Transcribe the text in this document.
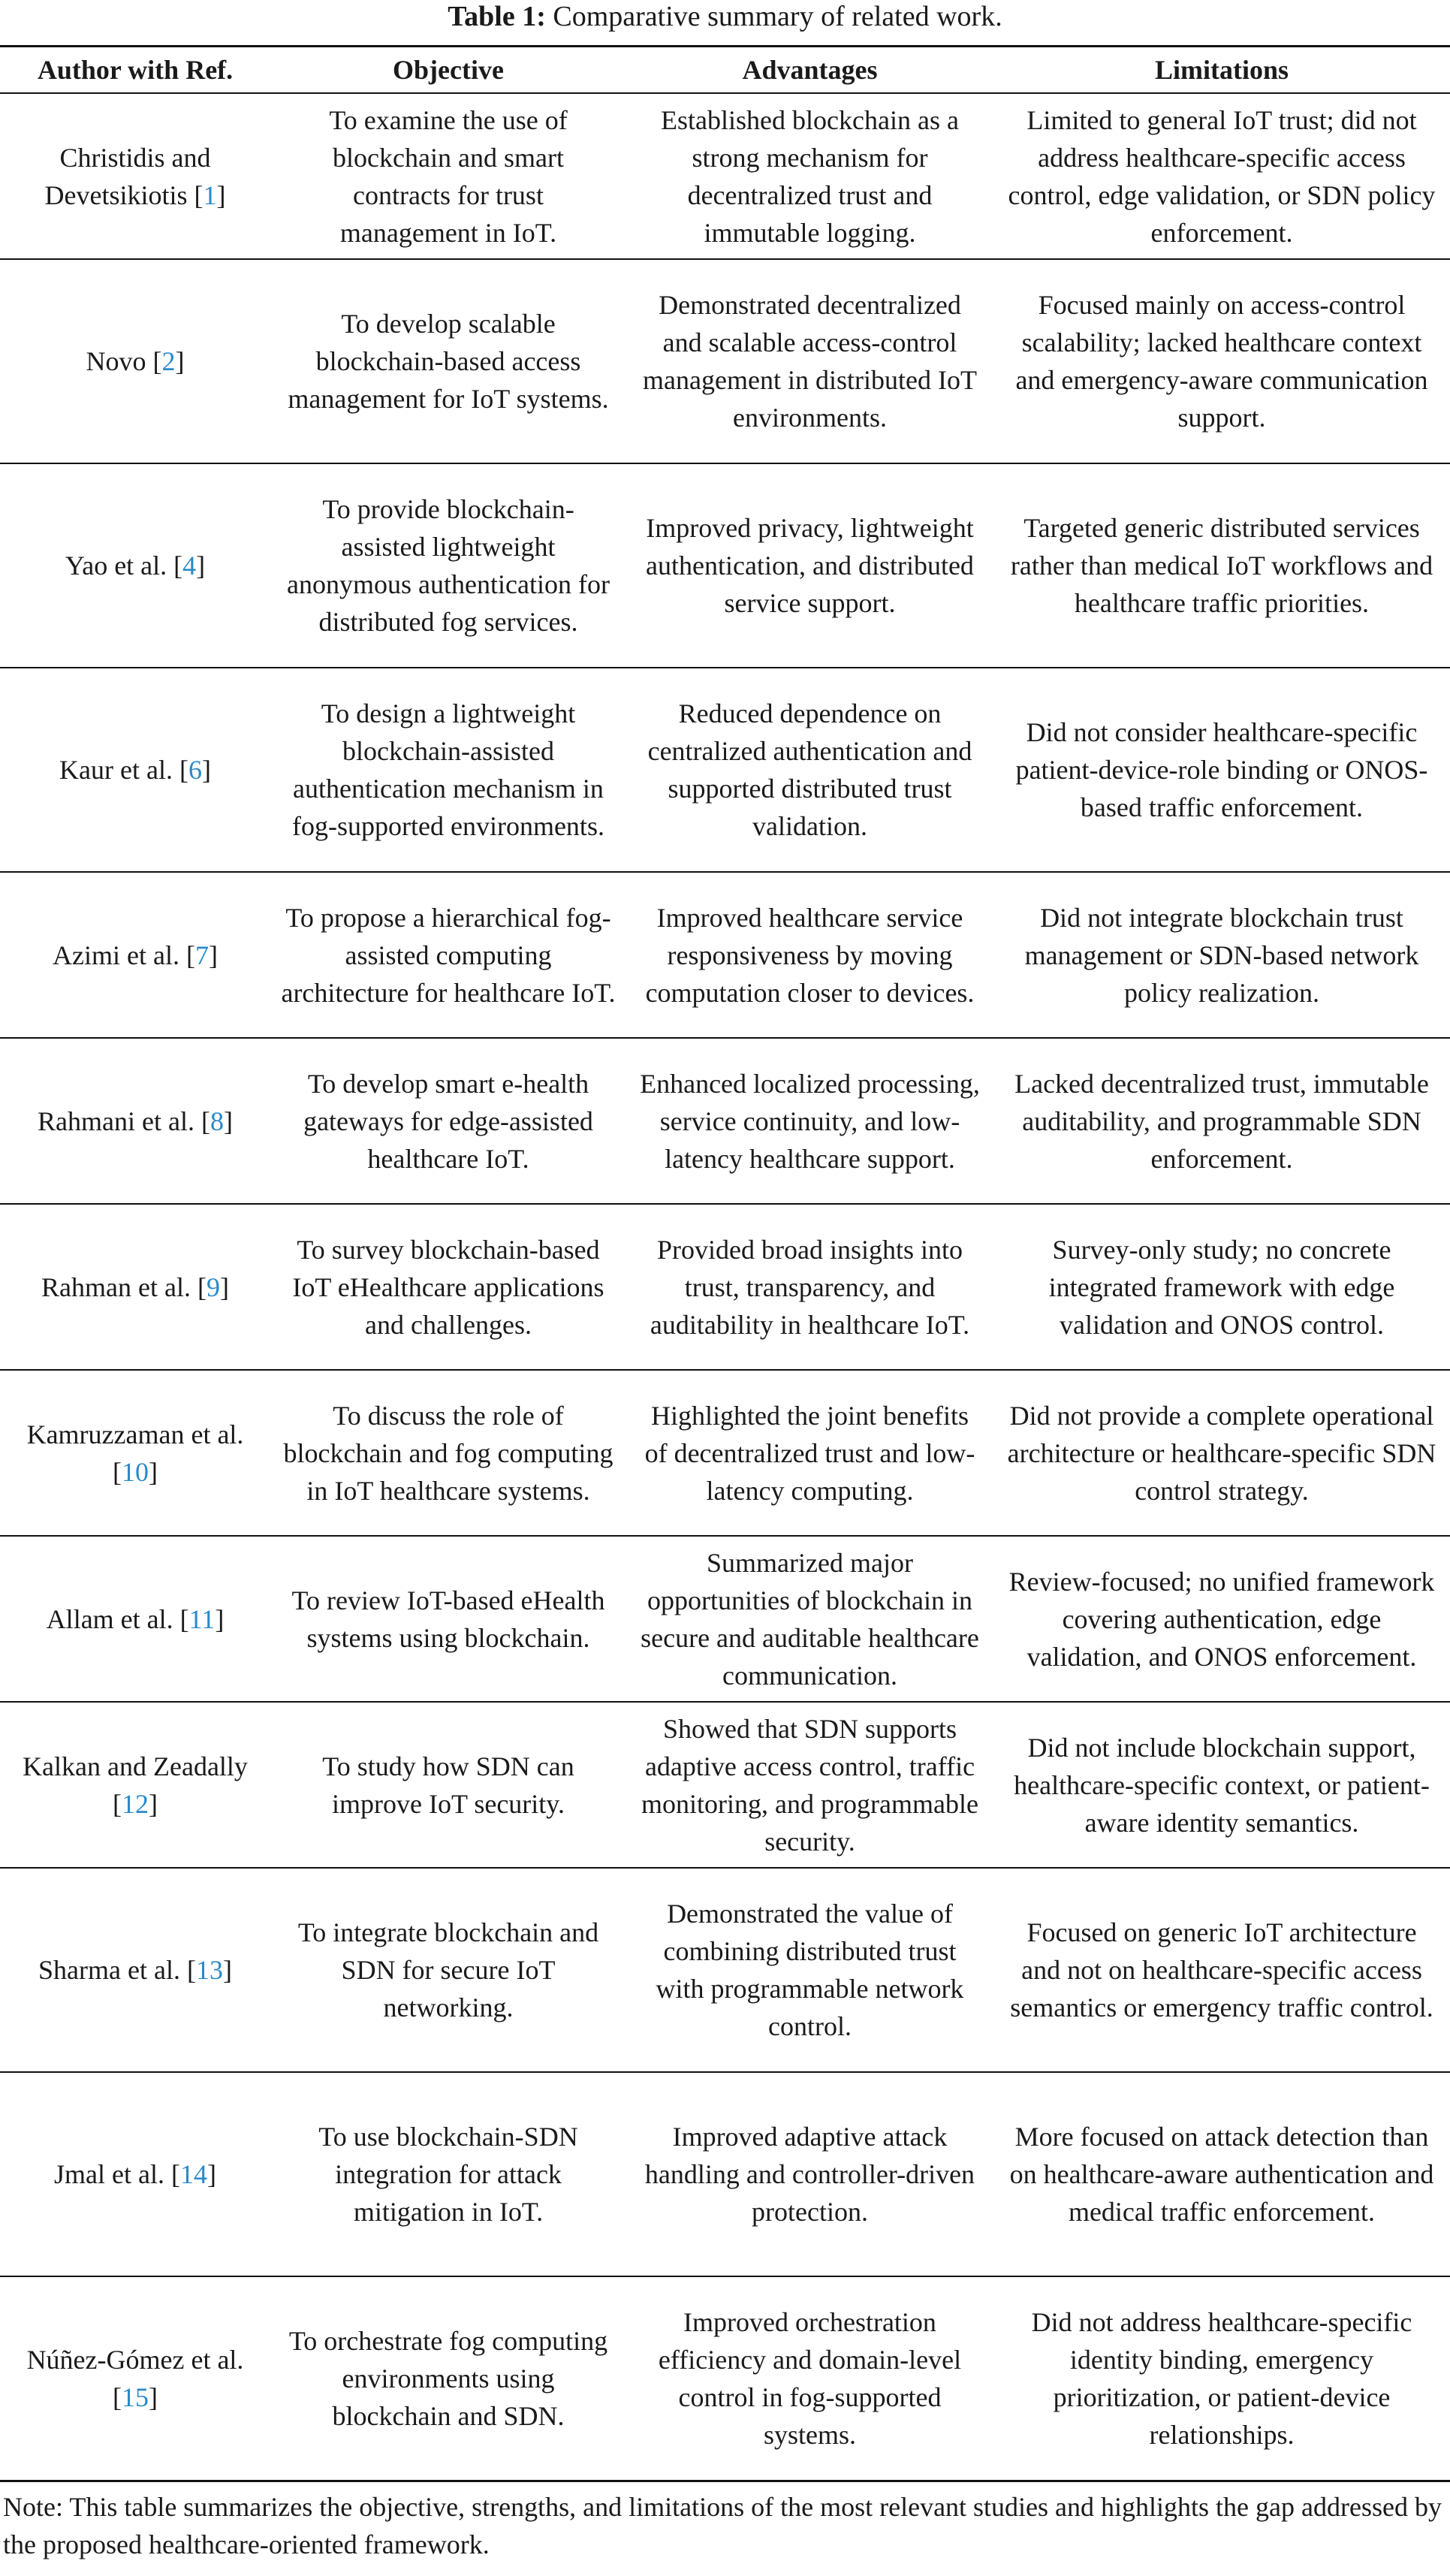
Table 1: Comparative summary of related work.
Author with Ref.	Objective	Advantages	Limitations
Christidis and Devetsikiotis [1]	To examine the use of blockchain and smart contracts for trust management in IoT.	Established blockchain as a strong mechanism for decentralized trust and immutable logging.	Limited to general IoT trust; did not address healthcare-specific access control, edge validation, or SDN policy enforcement.
Novo [2]	To develop scalable blockchain-based access management for IoT systems.	Demonstrated decentralized and scalable access-control management in distributed IoT environments.	Focused mainly on access-control scalability; lacked healthcare context and emergency-aware communication support.
Yao et al. [4]	To provide blockchain-assisted lightweight anonymous authentication for distributed fog services.	Improved privacy, lightweight authentication, and distributed service support.	Targeted generic distributed services rather than medical IoT workflows and healthcare traffic priorities.
Kaur et al. [6]	To design a lightweight blockchain-assisted authentication mechanism in fog-supported environments.	Reduced dependence on centralized authentication and supported distributed trust validation.	Did not consider healthcare-specific patient-device-role binding or ONOS-based traffic enforcement.
Azimi et al. [7]	To propose a hierarchical fog-assisted computing architecture for healthcare IoT.	Improved healthcare service responsiveness by moving computation closer to devices.	Did not integrate blockchain trust management or SDN-based network policy realization.
Rahmani et al. [8]	To develop smart e-health gateways for edge-assisted healthcare IoT.	Enhanced localized processing, service continuity, and low-latency healthcare support.	Lacked decentralized trust, immutable auditability, and programmable SDN enforcement.
Rahman et al. [9]	To survey blockchain-based IoT eHealthcare applications and challenges.	Provided broad insights into trust, transparency, and auditability in healthcare IoT.	Survey-only study; no concrete integrated framework with edge validation and ONOS control.
Kamruzzaman et al. [10]	To discuss the role of blockchain and fog computing in IoT healthcare systems.	Highlighted the joint benefits of decentralized trust and low-latency computing.	Did not provide a complete operational architecture or healthcare-specific SDN control strategy.
Allam et al. [11]	To review IoT-based eHealth systems using blockchain.	Summarized major opportunities of blockchain in secure and auditable healthcare communication.	Review-focused; no unified framework covering authentication, edge validation, and ONOS enforcement.
Kalkan and Zeadally [12]	To study how SDN can improve IoT security.	Showed that SDN supports adaptive access control, traffic monitoring, and programmable security.	Did not include blockchain support, healthcare-specific context, or patient-aware identity semantics.
Sharma et al. [13]	To integrate blockchain and SDN for secure IoT networking.	Demonstrated the value of combining distributed trust with programmable network control.	Focused on generic IoT architecture and not on healthcare-specific access semantics or emergency traffic control.
Jmal et al. [14]	To use blockchain-SDN integration for attack mitigation in IoT.	Improved adaptive attack handling and controller-driven protection.	More focused on attack detection than on healthcare-aware authentication and medical traffic enforcement.
Núñez-Gómez et al. [15]	To orchestrate fog computing environments using blockchain and SDN.	Improved orchestration efficiency and domain-level control in fog-supported systems.	Did not address healthcare-specific identity binding, emergency prioritization, or patient-device relationships.
Note: This table summarizes the objective, strengths, and limitations of the most relevant studies and highlights the gap addressed by the proposed healthcare-oriented framework.
